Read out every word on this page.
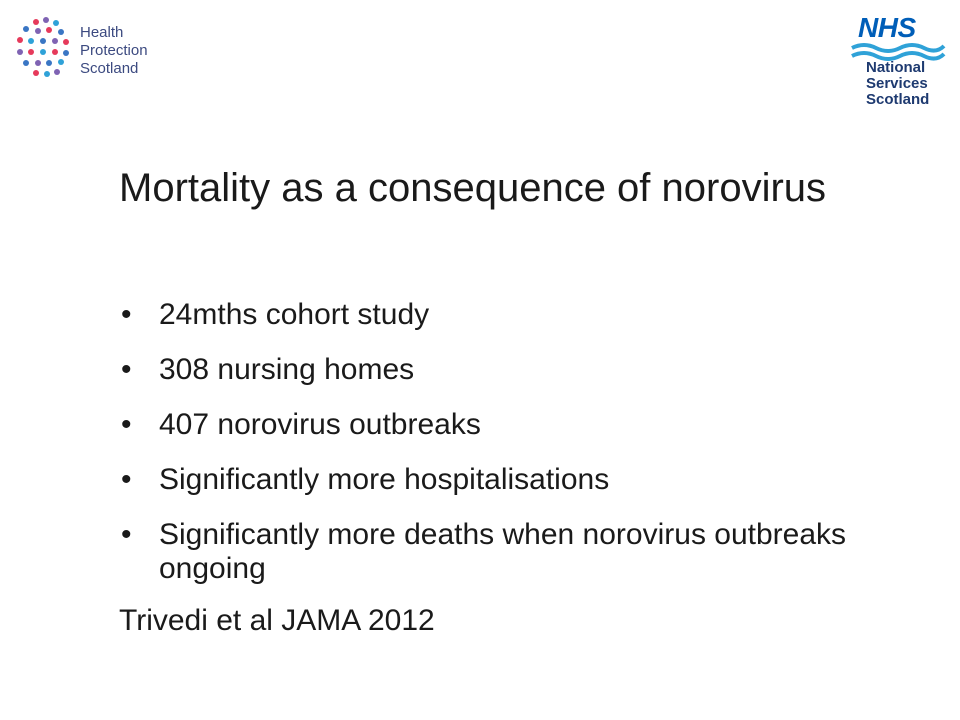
Health
Protection
Scotland
NHS
National
Services
Scotland
Mortality as a consequence of norovirus
• 24mths cohort study
• 308 nursing homes
• 407 norovirus outbreaks
• Significantly more hospitalisations
• Significantly more deaths when norovirus outbreaks ongoing
Trivedi et al JAMA 2012
